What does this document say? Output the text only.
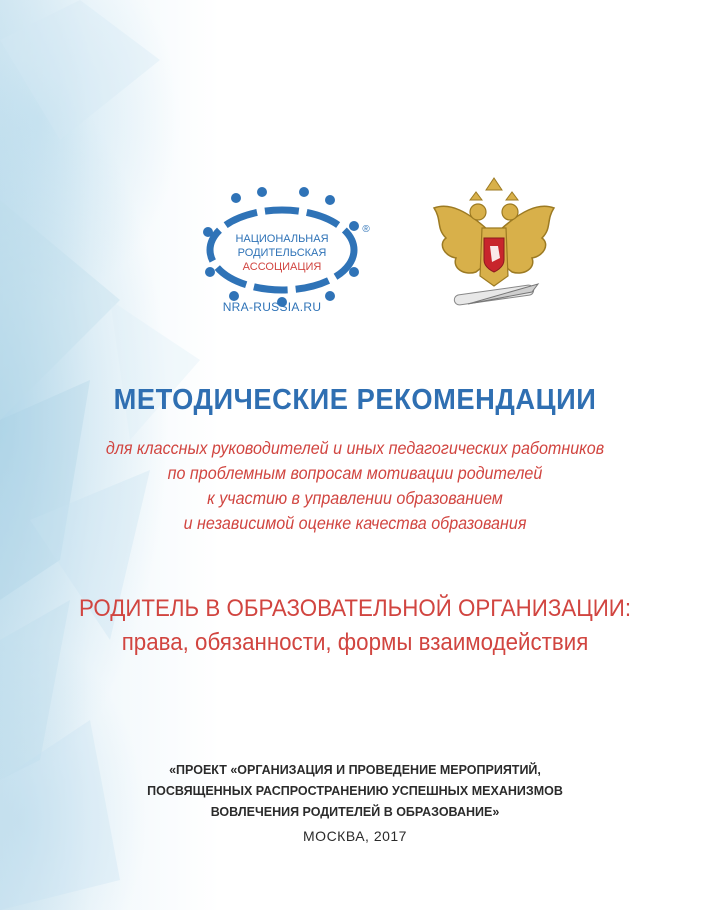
НАЦИОНАЛЬНАЯ
РОДИТЕЛЬСКАЯ
АССОЦИАЦИЯ
®
NRA-RUSSIA.RU
МЕТОДИЧЕСКИЕ РЕКОМЕНДАЦИИ
для классных руководителей и иных педагогических работников
по проблемным вопросам мотивации родителей
к участию в управлении образованием
и независимой оценке качества образования
РОДИТЕЛЬ В ОБРАЗОВАТЕЛЬНОЙ ОРГАНИЗАЦИИ:
права, обязанности, формы взаимодействия
«ПРОЕКТ «ОРГАНИЗАЦИЯ И ПРОВЕДЕНИЕ МЕРОПРИЯТИЙ,
ПОСВЯЩЕННЫХ РАСПРОСТРАНЕНИЮ УСПЕШНЫХ МЕХАНИЗМОВ
ВОВЛЕЧЕНИЯ РОДИТЕЛЕЙ В ОБРАЗОВАНИЕ»
МОСКВА, 2017
